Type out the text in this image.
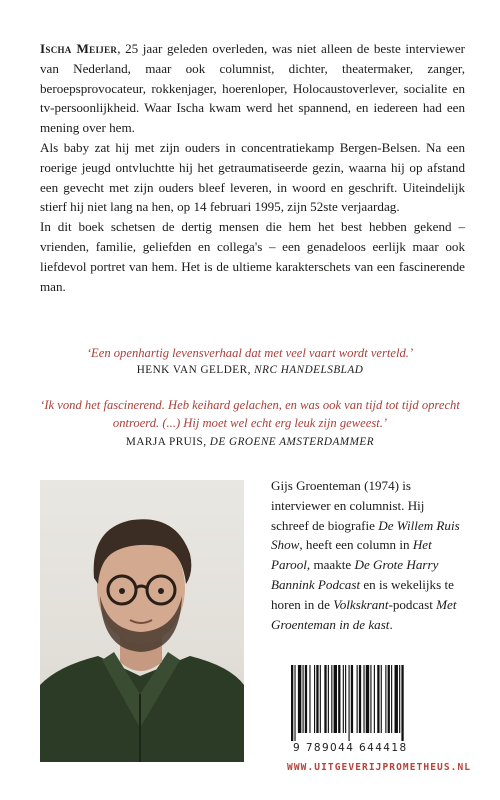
Ischa Meijer, 25 jaar geleden overleden, was niet alleen de beste interviewer van Nederland, maar ook columnist, dichter, theatermaker, zanger, beroepsprovocateur, rokkenjager, hoerenloper, Holocaustoverlever, socialite en tv-persoonlijkheid. Waar Ischa kwam werd het spannend, en iedereen had een mening over hem.

Als baby zat hij met zijn ouders in concentratiekamp Bergen-Belsen. Na een roerige jeugd ontvluchtte hij het getraumatiseerde gezin, waarna hij op afstand een gevecht met zijn ouders bleef leveren, in woord en geschrift. Uiteindelijk stierf hij niet lang na hen, op 14 februari 1995, zijn 52ste verjaardag.

In dit boek schetsen de dertig mensen die hem het best hebben gekend – vrienden, familie, geliefden en collega's – een genadeloos eerlijk maar ook liefdevol portret van hem. Het is de ultieme karakterschets van een fascinerende man.

‘Een openhartig levensverhaal dat met veel vaart wordt verteld.’
HENK VAN GELDER, NRC HANDELSBLAD
‘Ik vond het fascinerend. Heb keihard gelachen, en was ook van tijd tot tijd oprecht ontroerd. (...) Hij moet wel echt erg leuk zijn geweest.’
MARJA PRUIS, DE GROENE AMSTERDAMMER
Gijs Groenteman (1974) is interviewer en columnist. Hij schreef de biografie De Willem Ruis Show, heeft een column in Het Parool, maakte De Grote Harry Bannink Podcast en is wekelijks te horen in de Volkskrant-podcast Met Groenteman in de kast.
9 789044 644418
WWW.UITGEVERIJPROMETHEUS.NL
